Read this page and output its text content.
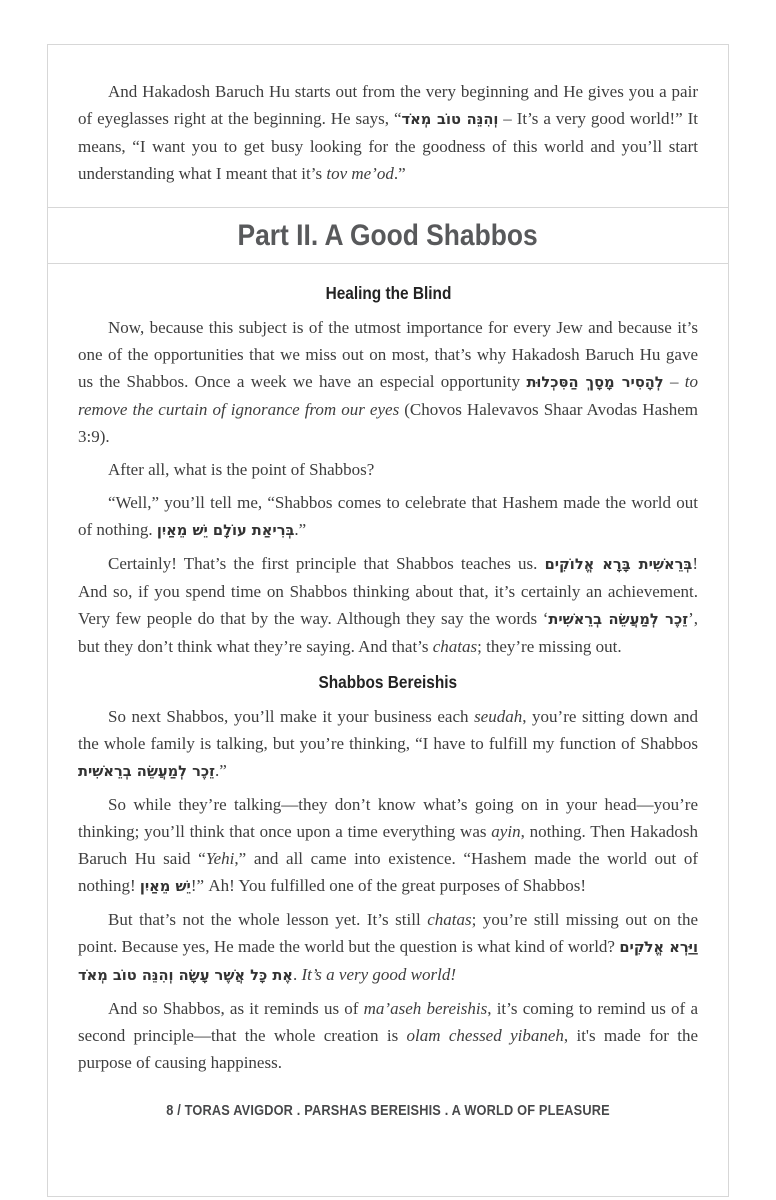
And Hakadosh Baruch Hu starts out from the very beginning and He gives you a pair of eyeglasses right at the beginning. He says, “וְהִנֵּה טוֹב מְאֹד – It’s a very good world!” It means, “I want you to get busy looking for the goodness of this world and you’ll start understanding what I meant that it’s tov me’od.”

Part II. A Good Shabbos
Healing the Blind

Now, because this subject is of the utmost importance for every Jew and because it’s one of the opportunities that we miss out on most, that’s why Hakadosh Baruch Hu gave us the Shabbos. Once a week we have an especial opportunity לְהָסִיר מָסָךְ הַסִּכְלוּת – to remove the curtain of ignorance from our eyes (Chovos Halevavos Shaar Avodas Hashem 3:9).

After all, what is the point of Shabbos?

“Well,” you’ll tell me, “Shabbos comes to celebrate that Hashem made the world out of nothing. בְּרִיאַת עוֹלָם יֵשׁ מֵאַיִן.”

Certainly! That’s the first principle that Shabbos teaches us. בְּרֵאשִׁית בָּרָא אֱלוֹקִים! And so, if you spend time on Shabbos thinking about that, it’s certainly an achievement. Very few people do that by the way. Although they say the words ‘זֵכֶר לְמַעֲשֵׂה בְרֵאשִׁית’, but they don’t think what they’re saying. And that’s chatas; they’re missing out.

Shabbos Bereishis

So next Shabbos, you’ll make it your business each seudah, you’re sitting down and the whole family is talking, but you’re thinking, “I have to fulfill my function of Shabbos זֵכֶר לְמַעֲשֵׂה בְרֵאשִׁית.”

So while they’re talking—they don’t know what’s going on in your head—you’re thinking; you’ll think that once upon a time everything was ayin, nothing. Then Hakadosh Baruch Hu said “Yehi,” and all came into existence. “Hashem made the world out of nothing! יֵשׁ מֵאַיִן!” Ah! You fulfilled one of the great purposes of Shabbos!

But that’s not the whole lesson yet. It’s still chatas; you’re still missing out on the point. Because yes, He made the world but the question is what kind of world? וַיַּרְא אֱלֹקִים אֶת כָּל אֲשֶׁר עָשָׂה וְהִנֵּה טוֹב מְאֹד. It’s a very good world!

And so Shabbos, as it reminds us of ma’aseh bereishis, it’s coming to remind us of a second principle—that the whole creation is olam chessed yibaneh, it's made for the purpose of causing happiness.

8 / TORAS AVIGDOR . PARSHAS BEREISHIS . A WORLD OF PLEASURE
